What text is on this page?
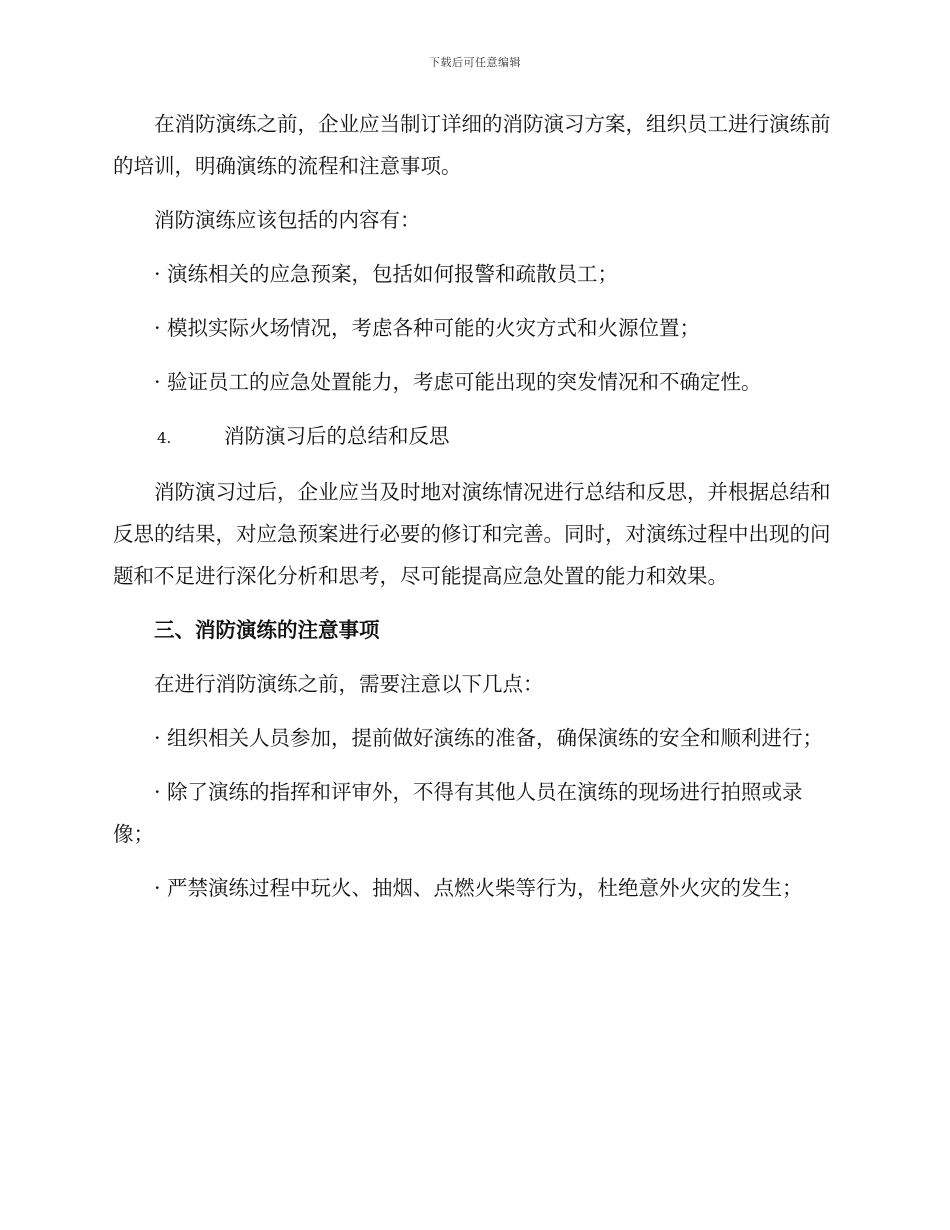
下载后可任意编辑

在消防演练之前，企业应当制订详细的消防演习方案，组织员工进行演练前的培训，明确演练的流程和注意事项。

消防演练应该包括的内容有：

· 演练相关的应急预案，包括如何报警和疏散员工；

· 模拟实际火场情况，考虑各种可能的火灾方式和火源位置；

· 验证员工的应急处置能力，考虑可能出现的突发情况和不确定性。

4.	消防演习后的总结和反思

消防演习过后，企业应当及时地对演练情况进行总结和反思，并根据总结和反思的结果，对应急预案进行必要的修订和完善。同时，对演练过程中出现的问题和不足进行深化分析和思考，尽可能提高应急处置的能力和效果。

三、消防演练的注意事项

在进行消防演练之前，需要注意以下几点：

· 组织相关人员参加，提前做好演练的准备，确保演练的安全和顺利进行；

· 除了演练的指挥和评审外，不得有其他人员在演练的现场进行拍照或录像；

· 严禁演练过程中玩火、抽烟、点燃火柴等行为，杜绝意外火灾的发生；
